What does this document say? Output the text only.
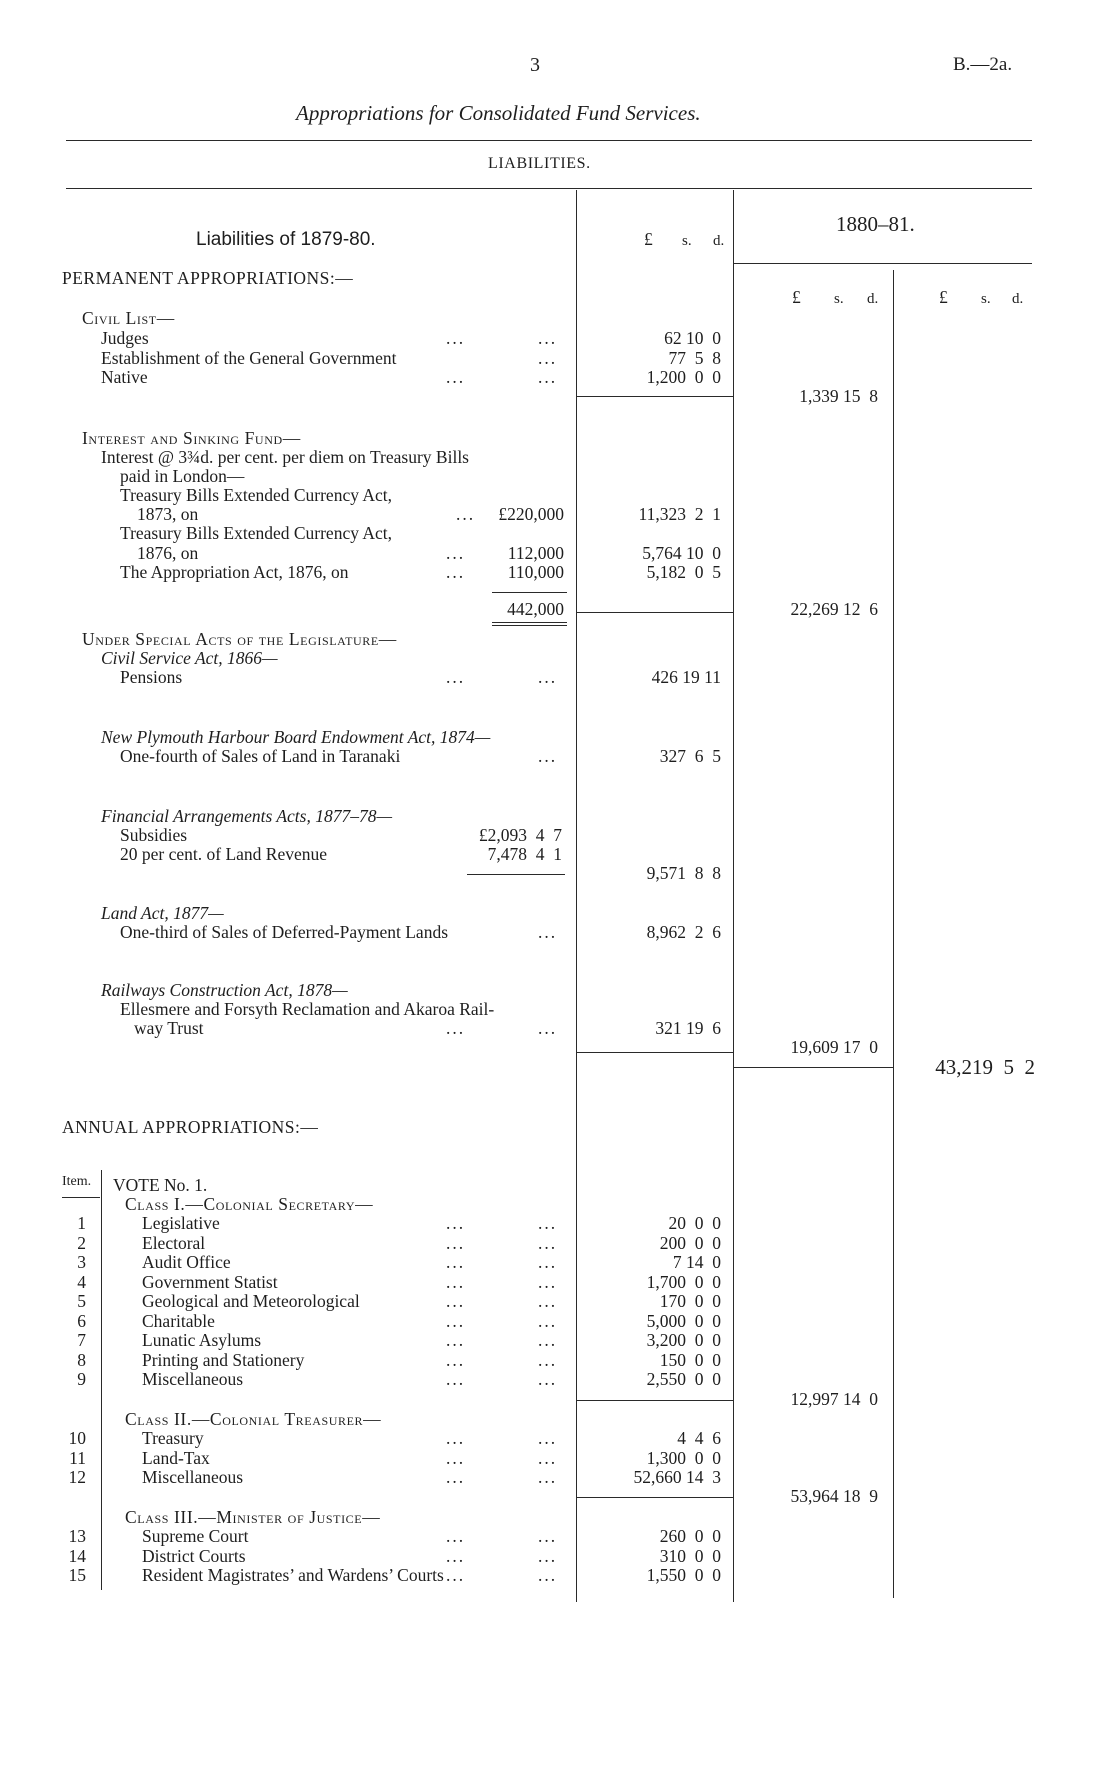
3	B.—2a.
Appropriations for Consolidated Fund Services.
LIABILITIES.
Liabilities of 1879-80.	£ s. d.
1880–81.
£ s. d.	£ s. d.
PERMANENT APPROPRIATIONS:—
Civil List—
Judges	...	...	62 10  0
Establishment of the General Government	...	77  5  8
Native	...	...	1,200  0  0
1,339 15  8
Interest and Sinking Fund—
Interest @ 3¾d. per cent. per diem on Treasury Bills
paid in London—
Treasury Bills Extended Currency Act,
1873, on	... £220,000	11,323  2  1
Treasury Bills Extended Currency Act,
1876, on	... 112,000	5,764 10  0
The Appropriation Act, 1876, on	... 110,000	5,182  0  5
442,000	22,269 12  6
Under Special Acts of the Legislature—
Civil Service Act, 1866—
Pensions	...	...	426 19 11
New Plymouth Harbour Board Endowment Act, 1874—
One-fourth of Sales of Land in Taranaki	...	327  6  5
Financial Arrangements Acts, 1877–78—
Subsidies	£2,093  4  7
20 per cent. of Land Revenue	7,478  4  1
9,571  8  8
Land Act, 1877—
One-third of Sales of Deferred-Payment Lands	...	8,962  2  6
Railways Construction Act, 1878—
Ellesmere and Forsyth Reclamation and Akaroa Rail-
way Trust	...	...	321 19  6
19,609 17  0
43,219  5  2
ANNUAL APPROPRIATIONS:—
Item. VOTE No. 1.
Class I.—Colonial Secretary—
1	Legislative	...	...	20  0  0
2	Electoral	...	...	200  0  0
3	Audit Office	...	...	7 14  0
4	Government Statist	...	...	1,700  0  0
5	Geological and Meteorological	...	...	170  0  0
6	Charitable	...	...	5,000  0  0
7	Lunatic Asylums	...	...	3,200  0  0
8	Printing and Stationery	...	...	150  0  0
9	Miscellaneous	...	...	2,550  0  0
12,997 14  0
Class II.—Colonial Treasurer—
10	Treasury	...	...	4  4  6
11	Land-Tax	...	...	1,300  0  0
12	Miscellaneous	...	...	52,660 14  3
53,964 18  9
Class III.—Minister of Justice—
13	Supreme Court	...	...	260  0  0
14	District Courts	...	...	310  0  0
15	Resident Magistrates’ and Wardens’ Courts ...	...	1,550  0  0
